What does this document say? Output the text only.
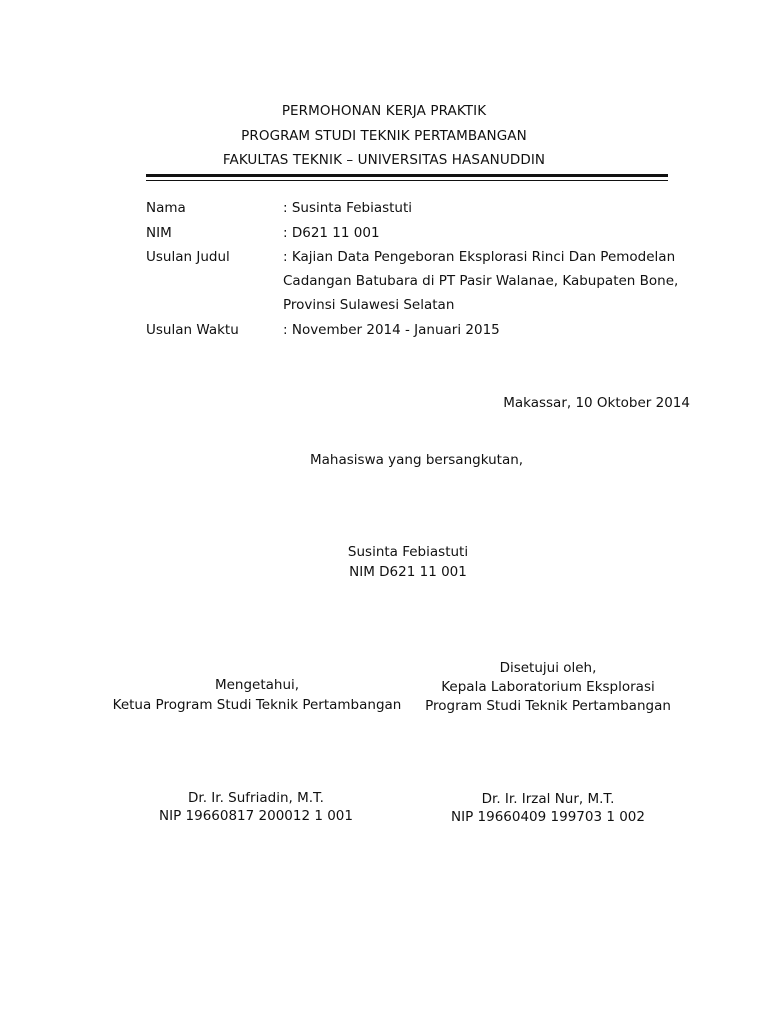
PERMOHONAN KERJA PRAKTIK
PROGRAM STUDI TEKNIK PERTAMBANGAN
FAKULTAS TEKNIK – UNIVERSITAS HASANUDDIN
Nama	: Susinta Febiastuti
NIM	: D621 11 001
Usulan Judul	: Kajian Data Pengeboran Eksplorasi Rinci Dan Pemodelan
Cadangan Batubara di PT Pasir Walanae, Kabupaten Bone,
Provinsi Sulawesi Selatan
Usulan Waktu	: November 2014 - Januari 2015
Makassar, 10 Oktober 2014
Mahasiswa yang bersangkutan,
Susinta Febiastuti
NIM D621 11 001
Mengetahui,
Ketua Program Studi Teknik Pertambangan
Disetujui oleh,
Kepala Laboratorium Eksplorasi
Program Studi Teknik Pertambangan
Dr. Ir. Sufriadin, M.T.
NIP 19660817 200012 1 001
Dr. Ir. Irzal Nur, M.T.
NIP 19660409 199703 1 002
